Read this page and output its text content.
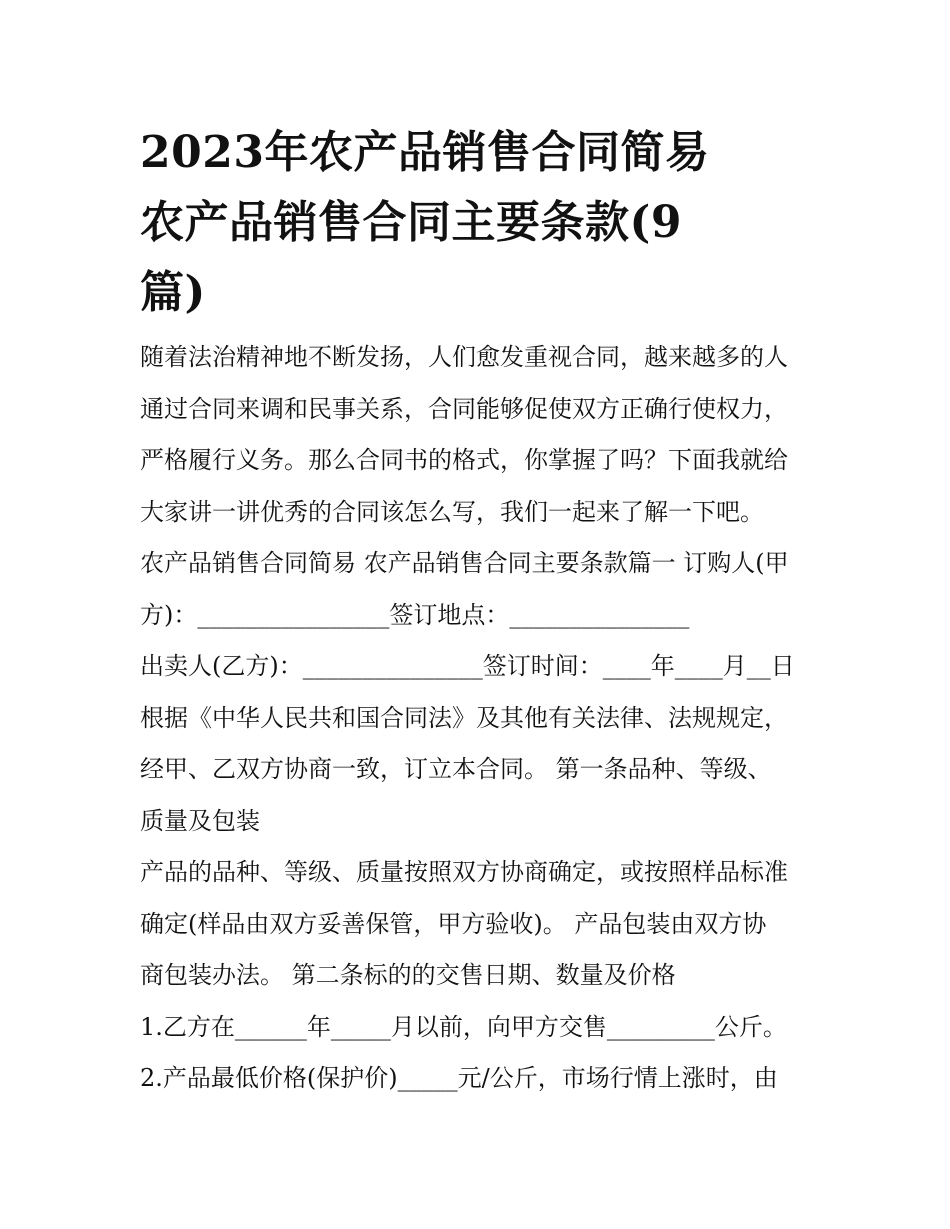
2023年农产品销售合同简易
农产品销售合同主要条款(9
篇)
随着法治精神地不断发扬，人们愈发重视合同，越来越多的人
通过合同来调和民事关系，合同能够促使双方正确行使权力，
严格履行义务。那么合同书的格式，你掌握了吗？下面我就给
大家讲一讲优秀的合同该怎么写，我们一起来了解一下吧。
农产品销售合同简易 农产品销售合同主要条款篇一 订购人(甲
方)：________________签订地点：_______________
出卖人(乙方)：_______________签订时间：____年____月__日
根据《中华人民共和国合同法》及其他有关法律、法规规定，
经甲、乙双方协商一致，订立本合同。 第一条品种、等级、
质量及包装
产品的品种、等级、质量按照双方协商确定，或按照样品标准
确定(样品由双方妥善保管，甲方验收)。 产品包装由双方协
商包装办法。 第二条标的的交售日期、数量及价格
1.乙方在______年_____月以前，向甲方交售_________公斤。
2.产品最低价格(保护价)_____元/公斤，市场行情上涨时，由
